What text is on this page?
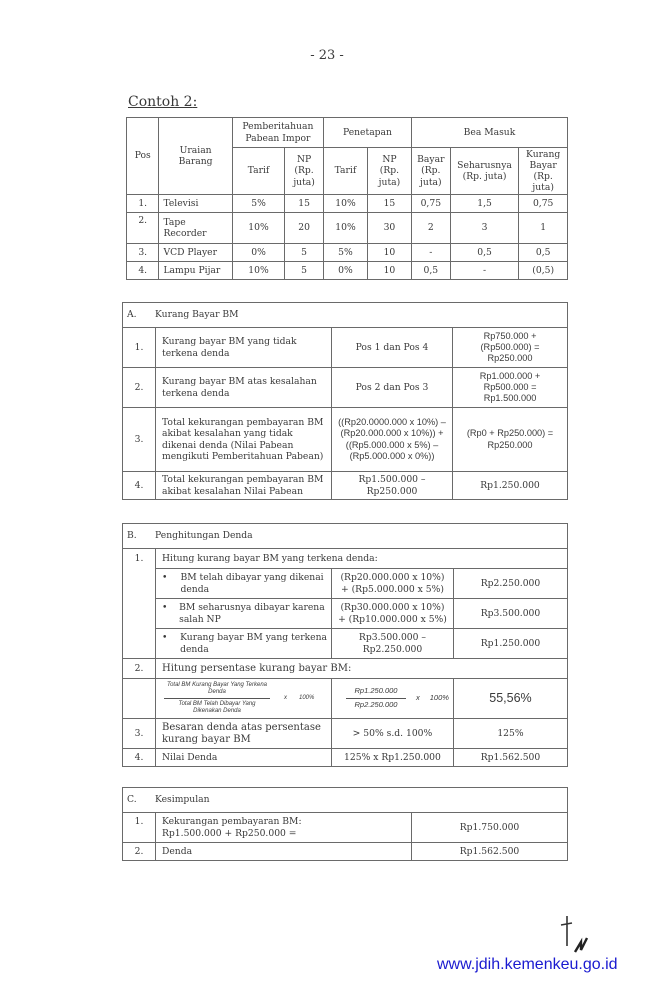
- 23 -
Contoh 2:
Pos	Uraian Barang	Pemberitahuan Pabean Impor		Penetapan		Bea Masuk		
		Tarif	NP (Rp. juta)	Tarif	NP (Rp. juta)	Bayar (Rp. juta)	Seharusnya (Rp. juta)	Kurang Bayar (Rp. juta)
1.	Televisi	5%	15	10%	15	0,75	1,5	0,75
2.	Tape Recorder	10%	20	10%	30	2	3	1
3.	VCD Player	0%	5	5%	10	-	0,5	0,5
4.	Lampu Pijar	10%	5	0%	10	0,5	-	(0,5)
A. Kurang Bayar BM			
1.	Kurang bayar BM yang tidak terkena denda	Pos 1 dan Pos 4	Rp750.000 + (Rp500.000) = Rp250.000
2.	Kurang bayar BM atas kesalahan terkena denda	Pos 2 dan Pos 3	Rp1.000.000 + Rp500.000 = Rp1.500.000
3.	Total kekurangan pembayaran BM akibat kesalahan yang tidak dikenai denda (Nilai Pabean mengikuti Pemberitahuan Pabean)	((Rp20.0000.000 x 10%) – (Rp20.000.000 x 10%)) + ((Rp5.000.000 x 5%) – (Rp5.000.000 x 0%))	(Rp0 + Rp250.000) = Rp250.000
4.	Total kekurangan pembayaran BM akibat kesalahan Nilai Pabean	Rp1.500.000 – Rp250.000	Rp1.250.000
B. Penghitungan Denda			
1.	Hitung kurang bayar BM yang terkena denda:		

	• BM telah dibayar yang dikenai denda	(Rp20.000.000 x 10%) + (Rp5.000.000 x 5%)	Rp2.250.000

	• BM seharusnya dibayar karena salah NP	(Rp30.000.000 x 10%) + (Rp10.000.000 x 5%)	Rp3.500.000

	• Kurang bayar BM yang terkena denda	Rp3.500.000 – Rp2.250.000	Rp1.250.000
2.	Hitung persentase kurang bayar BM:		

$\frac{\text{Total BM Kurang Bayar Yang Terkena Denda}}{\text{Total BM Telah Dibayar Yang Dikenakan Denda}}$ x 100%	$\frac{Rp1.250.000}{Rp2.250.000}$ x 100%	55,56%
3.	Besaran denda atas persentase kurang bayar BM	> 50% s.d. 100%	125%
4.	Nilai Denda	125% x Rp1.250.000	Rp1.562.500
C. Kesimpulan		
1.	Kekurangan pembayaran BM:
Rp1.500.000 + Rp250.000 =	Rp1.750.000
2.	Denda	Rp1.562.500
www.jdih.kemenkeu.go.id
